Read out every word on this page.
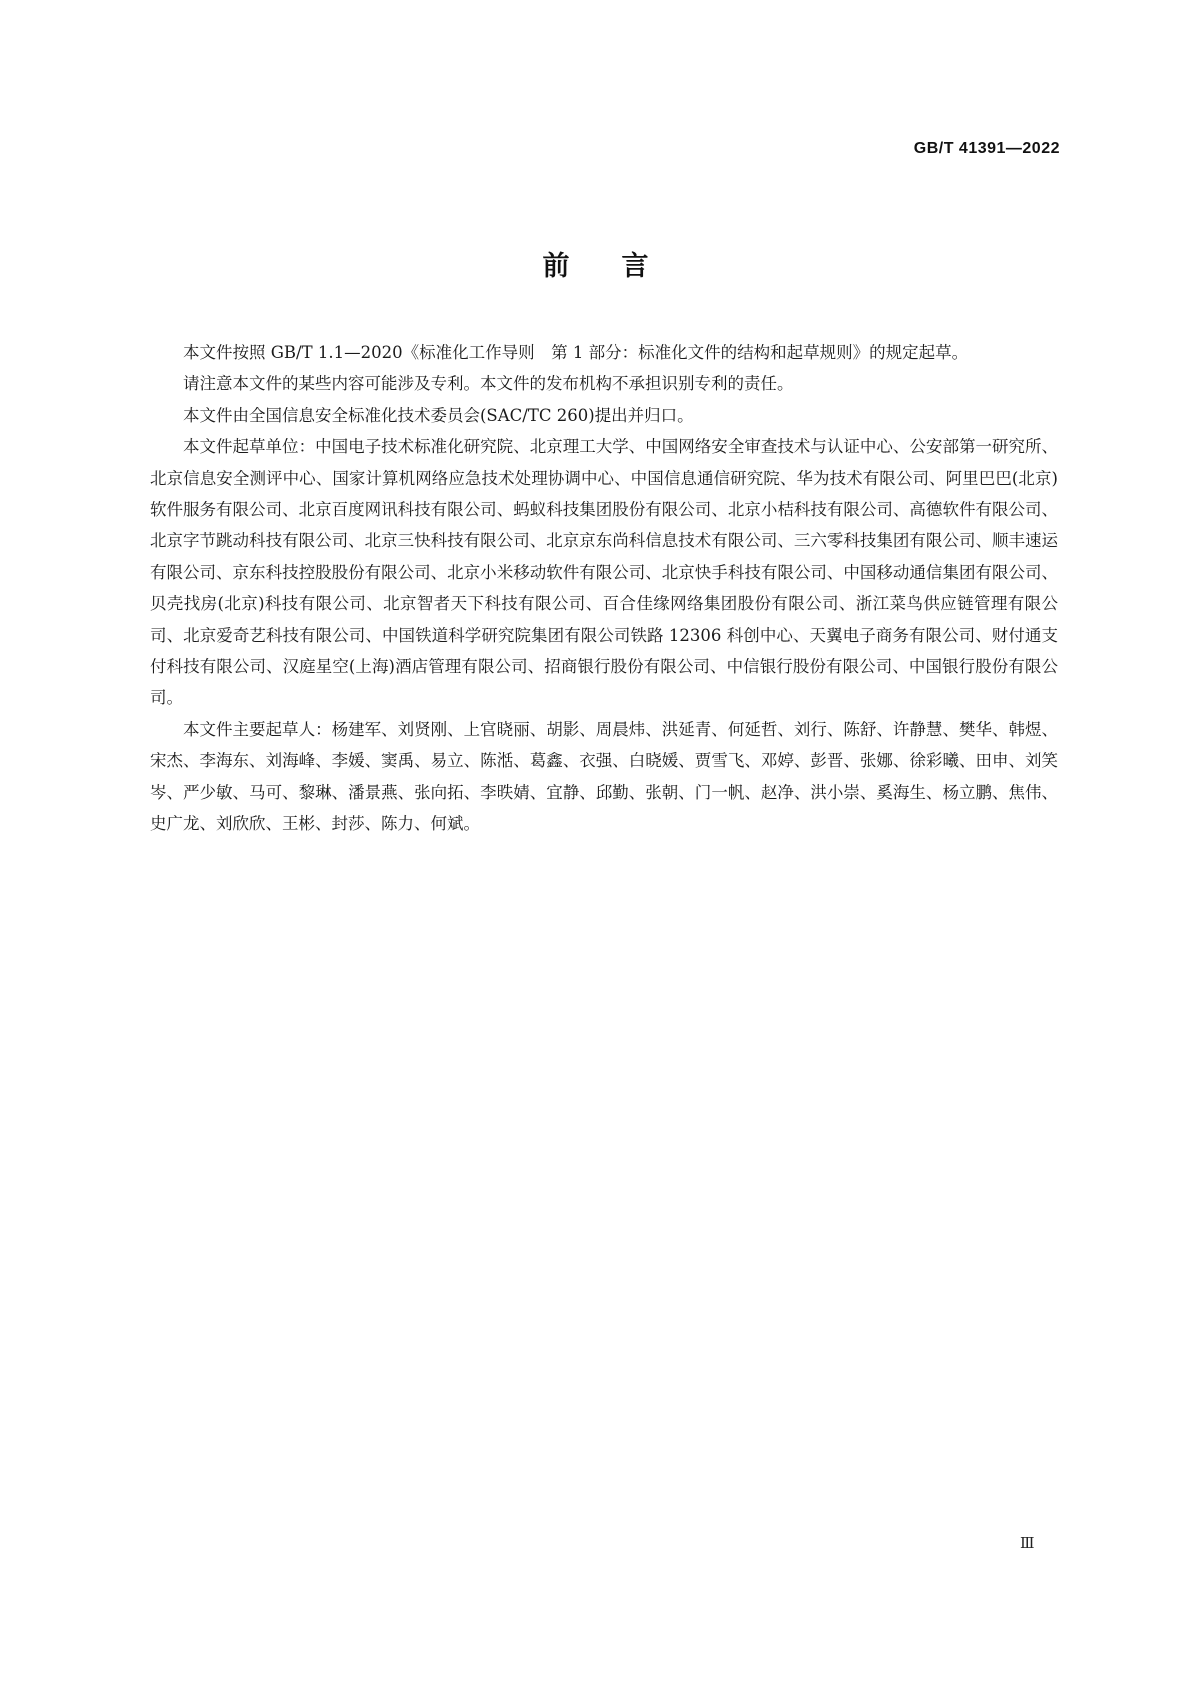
GB/T 41391—2022
前言

本文件按照 GB/T 1.1—2020《标准化工作导则　第 1 部分：标准化文件的结构和起草规则》的规定起草。

请注意本文件的某些内容可能涉及专利。本文件的发布机构不承担识别专利的责任。

本文件由全国信息安全标准化技术委员会(SAC/TC 260)提出并归口。

本文件起草单位：中国电子技术标准化研究院、北京理工大学、中国网络安全审查技术与认证中心、公安部第一研究所、北京信息安全测评中心、国家计算机网络应急技术处理协调中心、中国信息通信研究院、华为技术有限公司、阿里巴巴(北京)软件服务有限公司、北京百度网讯科技有限公司、蚂蚁科技集团股份有限公司、北京小桔科技有限公司、高德软件有限公司、北京字节跳动科技有限公司、北京三快科技有限公司、北京京东尚科信息技术有限公司、三六零科技集团有限公司、顺丰速运有限公司、京东科技控股股份有限公司、北京小米移动软件有限公司、北京快手科技有限公司、中国移动通信集团有限公司、贝壳找房(北京)科技有限公司、北京智者天下科技有限公司、百合佳缘网络集团股份有限公司、浙江菜鸟供应链管理有限公司、北京爱奇艺科技有限公司、中国铁道科学研究院集团有限公司铁路 12306 科创中心、天翼电子商务有限公司、财付通支付科技有限公司、汉庭星空(上海)酒店管理有限公司、招商银行股份有限公司、中信银行股份有限公司、中国银行股份有限公司。

本文件主要起草人：杨建军、刘贤刚、上官晓丽、胡影、周晨炜、洪延青、何延哲、刘行、陈舒、许静慧、樊华、韩煜、宋杰、李海东、刘海峰、李媛、窦禹、易立、陈湉、葛鑫、衣强、白晓媛、贾雪飞、邓婷、彭晋、张娜、徐彩曦、田申、刘笑岑、严少敏、马可、黎琳、潘景燕、张向拓、李昳婧、宜静、邱勤、张朝、门一帆、赵净、洪小崇、奚海生、杨立鹏、焦伟、史广龙、刘欣欣、王彬、封莎、陈力、何斌。

Ⅲ
